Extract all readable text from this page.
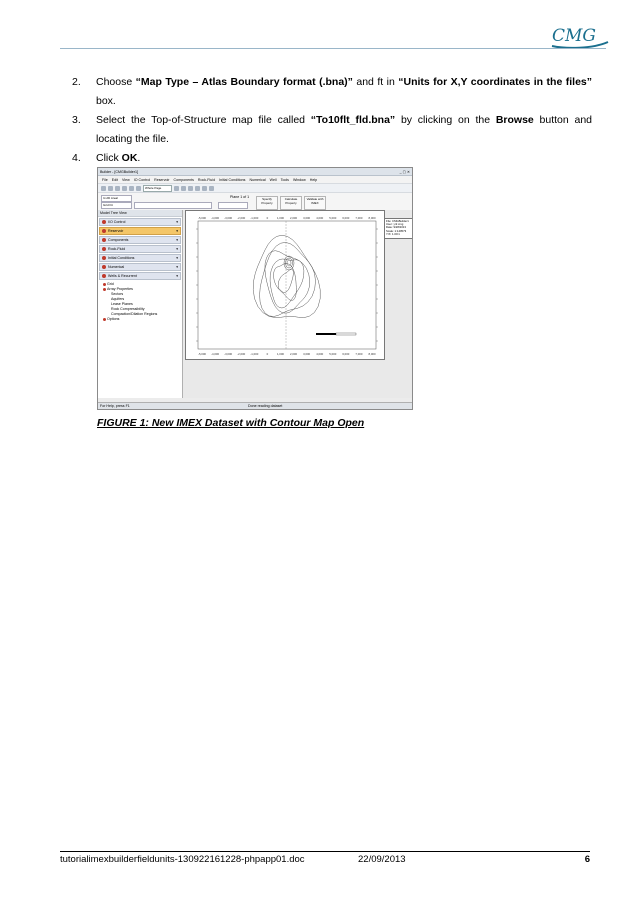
CMG
2.	Choose “Map Type – Atlas Boundary format (.bna)” and ft in “Units for X,Y coordinates in the files” box.
3.	Select the Top-of-Structure map file called “To10flt_fld.bna” by clicking on the Browse button and locating the file.
4.	Click OK.
Builder - [CMGBuilder1]	_ ▢ ✕
File Edit View IO Control Reservoir Components Rock-Fluid Initial Conditions Numerical Well Tools Window Help
Whole Page
IJ-2D Areal
Grid Fit
Plane 1 of 1	Specify Property
Calculate Property
Validate with IMEX
Model Tree View
I/O Control	▾
Reservoir	▾
Components	▾
Rock-Fluid	▾
Initial Conditions	▾
Numerical	▾
Wells & Recurrent	▾
Grid
Array Properties
Sectors
Aquifers
Lease Planes
Rock Compressibility
Compaction/Dilation Regions
Options
-5,000
-5,000
-4,000
-4,000
-3,000
-3,000
-2,000
-2,000
-1,000
-1,000
0
0
1,000
1,000
2,000
2,000
3,000
3,000
4,000
4,000
5,000
5,000
6,000
6,000
7,000
7,000
8,000
8,000
File: CMGBuilder1
User: ynf.cmg
Date: 9/28/2013
Scale: 1:140573
Y/X: 1.00:1
For Help, press F1	Done reading dataset
FIGURE 1: New IMEX Dataset with Contour Map Open
tutorialimexbuilderfieldunits-130922161228-phpapp01.doc	22/09/2013	6
